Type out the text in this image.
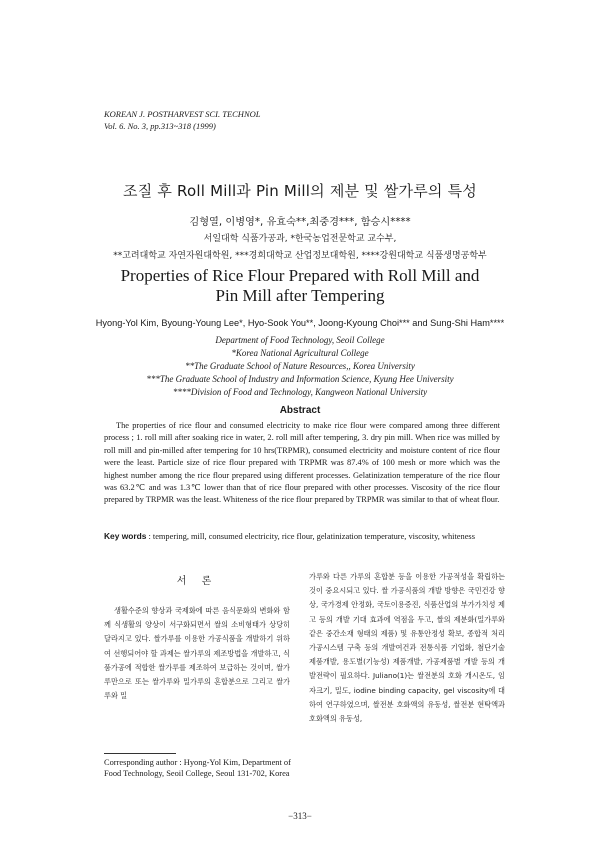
KOREAN J. POSTHARVEST SCI. TECHNOL
Vol. 6. No. 3, pp.313~318 (1999)
조질 후 Roll Mill과 Pin Mill의 제분 및 쌀가루의 특성
김형열, 이병영*, 유효숙**,최중경***, 함승시****
서일대학 식품가공과, *한국농업전문학교 교수부,
**고려대학교 자연자원대학원, ***경희대학교 산업정보대학원, ****강원대학교 식품생명공학부
Properties of Rice Flour Prepared with Roll Mill and
Pin Mill after Tempering
Hyong-Yol Kim, Byoung-Young Lee*, Hyo-Sook You**, Joong-Kyoung Choi*** and Sung-Shi Ham****
Department of Food Technology, Seoil College
*Korea National Agricultural College
**The Graduate School of Nature Resources,, Korea University
***The Graduate School of Industry and Information Science, Kyung Hee University
****Division of Food and Technology, Kangweon National University
Abstract

The properties of rice flour and consumed electricity to make rice flour were compared among three different process ; 1. roll mill after soaking rice in water, 2. roll mill after tempering, 3. dry pin mill. When rice was milled by roll mill and pin-milled after tempering for 10 hrs(TRPMR), consumed electricity and moisture content of rice flour were the least. Particle size of rice flour prepared with TRPMR was 87.4% of 100 mesh or more which was the highest number among the rice flour prepared using different processes. Gelatinization temperature of the rice flour was 63.2℃ and was 1.3℃ lower than that of rice flour prepared with other processes. Viscosity of the rice flour prepared by TRPMR was the least. Whiteness of the rice flour prepared by TRPMR was similar to that of wheat flour.

Key words : tempering, mill, consumed electricity, rice flour, gelatinization temperature, viscosity, whiteness
서 론

생활수준의 향상과 국제화에 따른 음식문화의 변화와 함께 식생활의 양상이 서구화되면서 쌀의 소비형태가 상당히 달라지고 있다. 쌀가루를 이용한 가공식품을 개발하기 위하여 선행되어야 할 과제는 쌀가루의 제조방법을 개발하고, 식품가공에 적합한 쌀가루를 제조하여 보급하는 것이며, 쌀가루만으로 또는 쌀가루와 밀가루의 혼합분으로 그리고 쌀가루와 밀

가루와 다른 가루의 혼합분 등을 이용한 가공적성을 확립하는 것이 중요시되고 있다. 쌀 가공식품의 개발 방향은 국민건강 향상, 국가경제 안정화, 국토이용증진, 식품산업의 부가가치성 제고 등의 개발 기대 효과에 역점을 두고, 쌀의 제분화(밀가루와 같은 중간소재 형태의 제품) 및 유통안정성 확보, 종합적 처리 가공시스템 구축 등의 개발여건과 전통식품 기업화, 첨단기술 제품개발, 용도별(기능성) 제품개발, 가공제품별 개발 등의 개발전략이 필요하다. Juliano(1)는 쌀전분의 호화 개시온도, 임자크기, 밀도, iodine binding capacity, gel viscosity에 대하여 연구하였으며, 쌀전분 호화액의 유동성, 쌀전분 현탁액과 호화액의 유동성,

Corresponding author : Hyong-Yol Kim, Department of Food Technology, Seoil College, Seoul 131-702, Korea

−313−
